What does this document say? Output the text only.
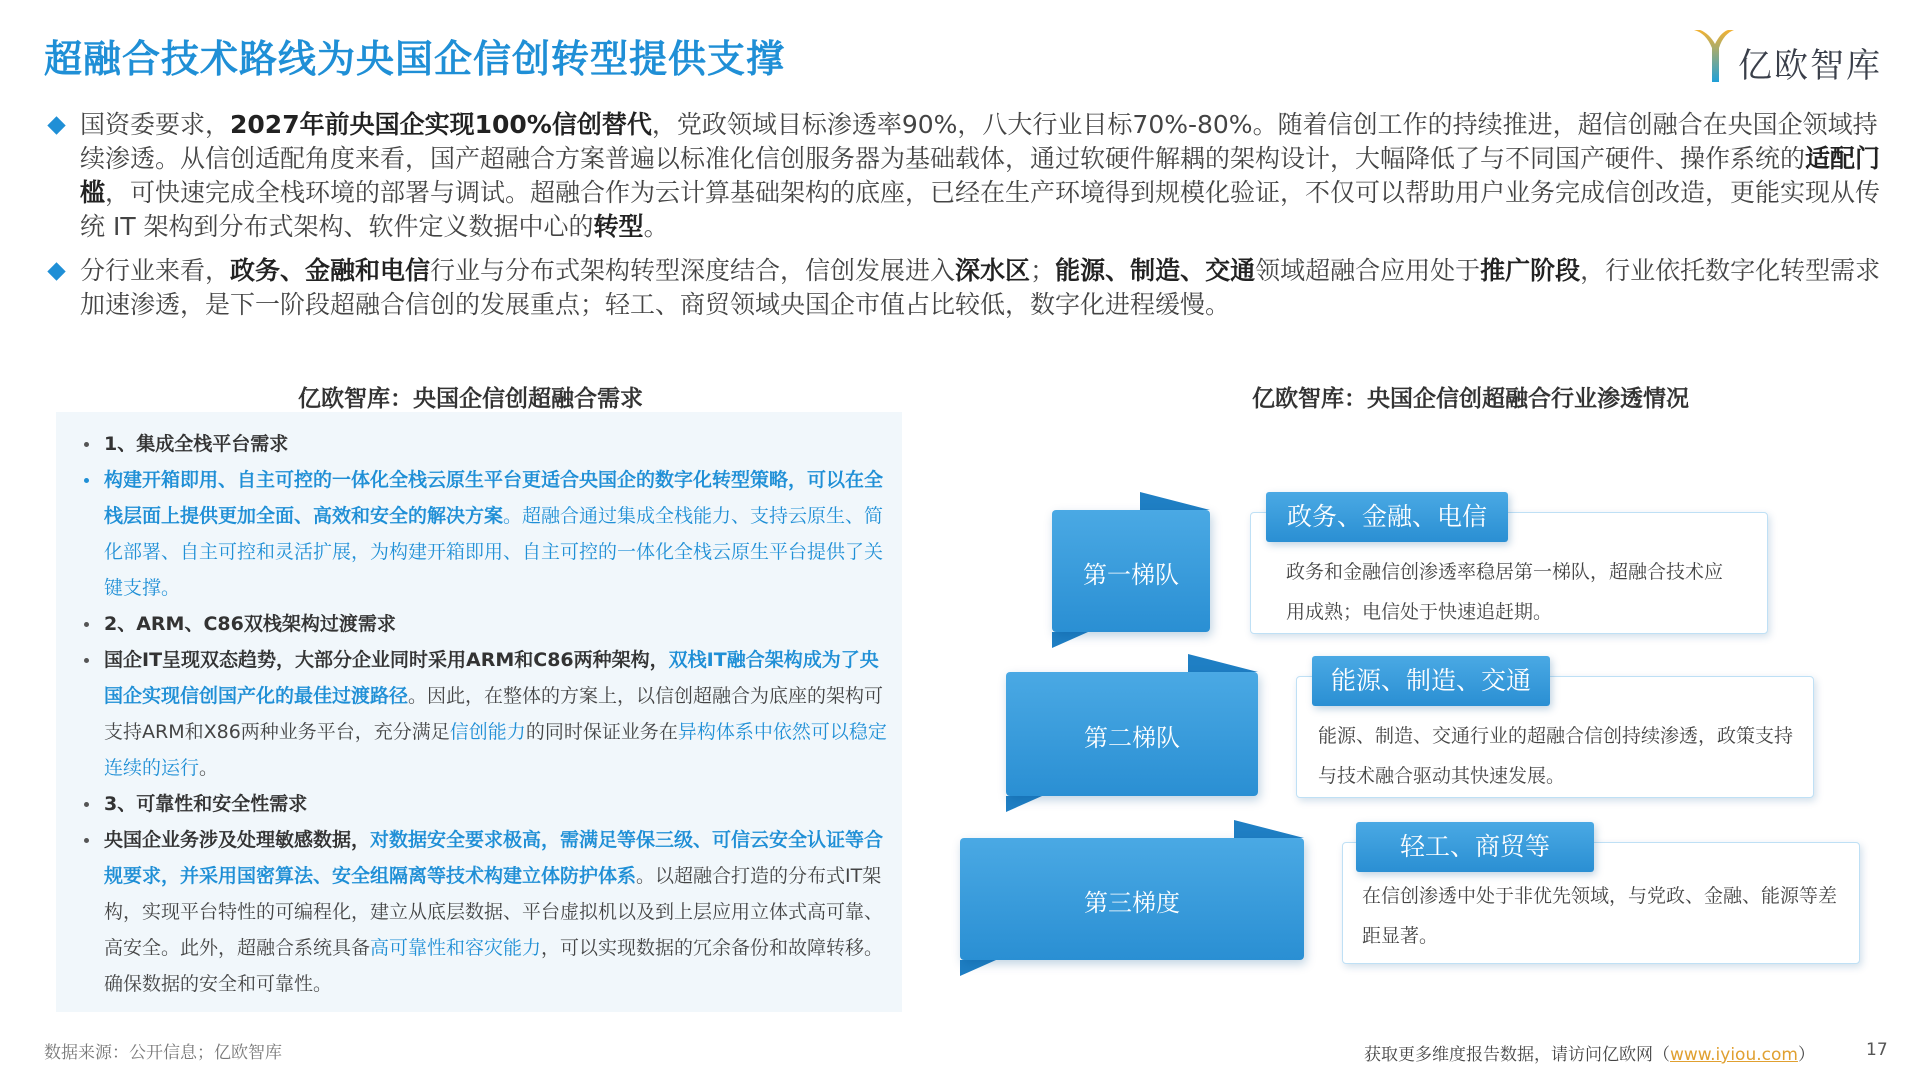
超融合技术路线为央国企信创转型提供支撑	亿欧智库
国资委要求，2027年前央国企实现100%信创替代，党政领域目标渗透率90%，八大行业目标70%-80%。随着信创工作的持续推进，超信创融合在央国企领域持续渗透。从信创适配角度来看，国产超融合方案普遍以标准化信创服务器为基础载体，通过软硬件解耦的架构设计，大幅降低了与不同国产硬件、操作系统的适配门槛，可快速完成全栈环境的部署与调试。超融合作为云计算基础架构的底座，已经在生产环境得到规模化验证，不仅可以帮助用户业务完成信创改造，更能实现从传统 IT 架构到分布式架构、软件定义数据中心的转型。
分行业来看，政务、金融和电信行业与分布式架构转型深度结合，信创发展进入深水区；能源、制造、交通领域超融合应用处于推广阶段，行业依托数字化转型需求加速渗透，是下一阶段超融合信创的发展重点；轻工、商贸领域央国企市值占比较低，数字化进程缓慢。
亿欧智库：央国企信创超融合需求	亿欧智库：央国企信创超融合行业渗透情况
1、集成全栈平台需求
构建开箱即用、自主可控的一体化全栈云原生平台更适合央国企的数字化转型策略，可以在全栈层面上提供更加全面、高效和安全的解决方案。超融合通过集成全栈能力、支持云原生、简化部署、自主可控和灵活扩展，为构建开箱即用、自主可控的一体化全栈云原生平台提供了关键支撑。
2、ARM、C86双栈架构过渡需求
国企IT呈现双态趋势，大部分企业同时采用ARM和C86两种架构，双栈IT融合架构成为了央国企实现信创国产化的最佳过渡路径。因此，在整体的方案上，以信创超融合为底座的架构可支持ARM和X86两种业务平台，充分满足信创能力的同时保证业务在异构体系中依然可以稳定连续的运行。
3、可靠性和安全性需求
央国企业务涉及处理敏感数据，对数据安全要求极高，需满足等保三级、可信云安全认证等合规要求，并采用国密算法、安全组隔离等技术构建立体防护体系。以超融合打造的分布式IT架构，实现平台特性的可编程化，建立从底层数据、平台虚拟机以及到上层应用立体式高可靠、高安全。此外，超融合系统具备高可靠性和容灾能力，可以实现数据的冗余备份和故障转移。确保数据的安全和可靠性。
第一梯队
政务、金融、电信
政务和金融信创渗透率稳居第一梯队，超融合技术应用成熟；电信处于快速追赶期。
第二梯队
能源、制造、交通
能源、制造、交通行业的超融合信创持续渗透，政策支持与技术融合驱动其快速发展。
第三梯度
轻工、商贸等
在信创渗透中处于非优先领域，与党政、金融、能源等差距显著。
数据来源：公开信息；亿欧智库	获取更多维度报告数据，请访问亿欧网（www.iyiou.com）	17
